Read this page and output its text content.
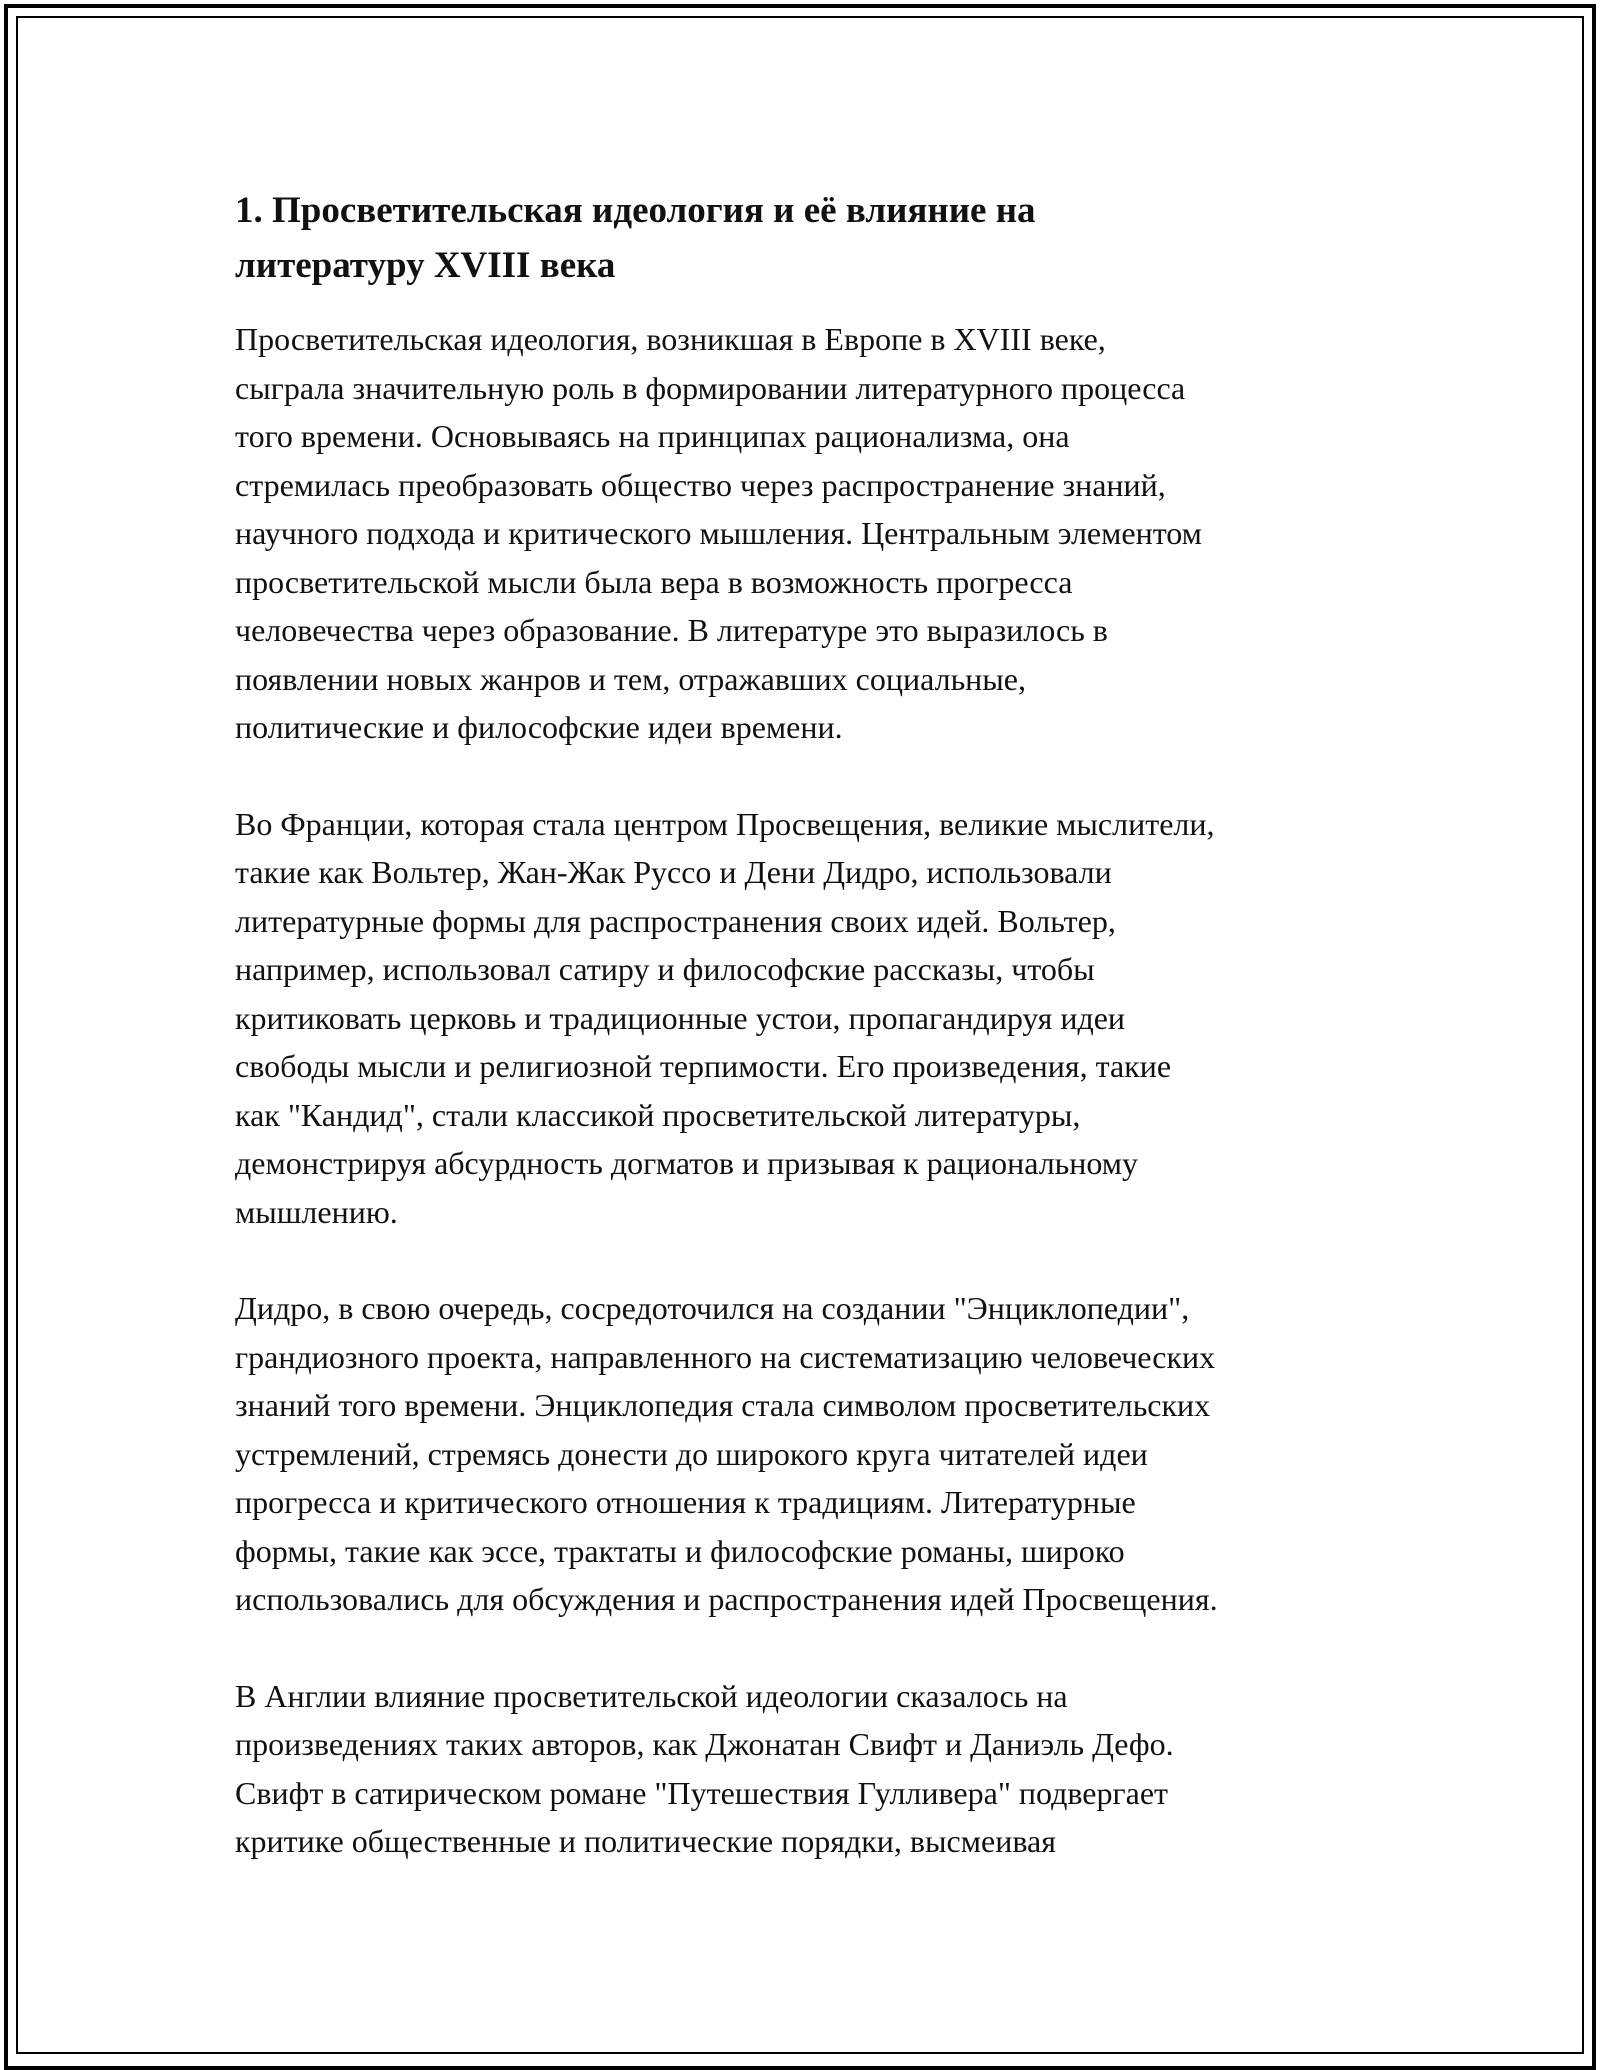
1. Просветительская идеология и её влияние на литературу XVIII века

Просветительская идеология, возникшая в Европе в XVIII веке,
сыграла значительную роль в формировании литературного процесса
того времени. Основываясь на принципах рационализма, она
стремилась преобразовать общество через распространение знаний,
научного подхода и критического мышления. Центральным элементом
просветительской мысли была вера в возможность прогресса
человечества через образование. В литературе это выразилось в
появлении новых жанров и тем, отражавших социальные,
политические и философские идеи времени.

Во Франции, которая стала центром Просвещения, великие мыслители,
такие как Вольтер, Жан-Жак Руссо и Дени Дидро, использовали
литературные формы для распространения своих идей. Вольтер,
например, использовал сатиру и философские рассказы, чтобы
критиковать церковь и традиционные устои, пропагандируя идеи
свободы мысли и религиозной терпимости. Его произведения, такие
как "Кандид", стали классикой просветительской литературы,
демонстрируя абсурдность догматов и призывая к рациональному
мышлению.

Дидро, в свою очередь, сосредоточился на создании "Энциклопедии",
грандиозного проекта, направленного на систематизацию человеческих
знаний того времени. Энциклопедия стала символом просветительских
устремлений, стремясь донести до широкого круга читателей идеи
прогресса и критического отношения к традициям. Литературные
формы, такие как эссе, трактаты и философские романы, широко
использовались для обсуждения и распространения идей Просвещения.

В Англии влияние просветительской идеологии сказалось на
произведениях таких авторов, как Джонатан Свифт и Даниэль Дефо.
Свифт в сатирическом романе "Путешествия Гулливера" подвергает
критике общественные и политические порядки, высмеивая
